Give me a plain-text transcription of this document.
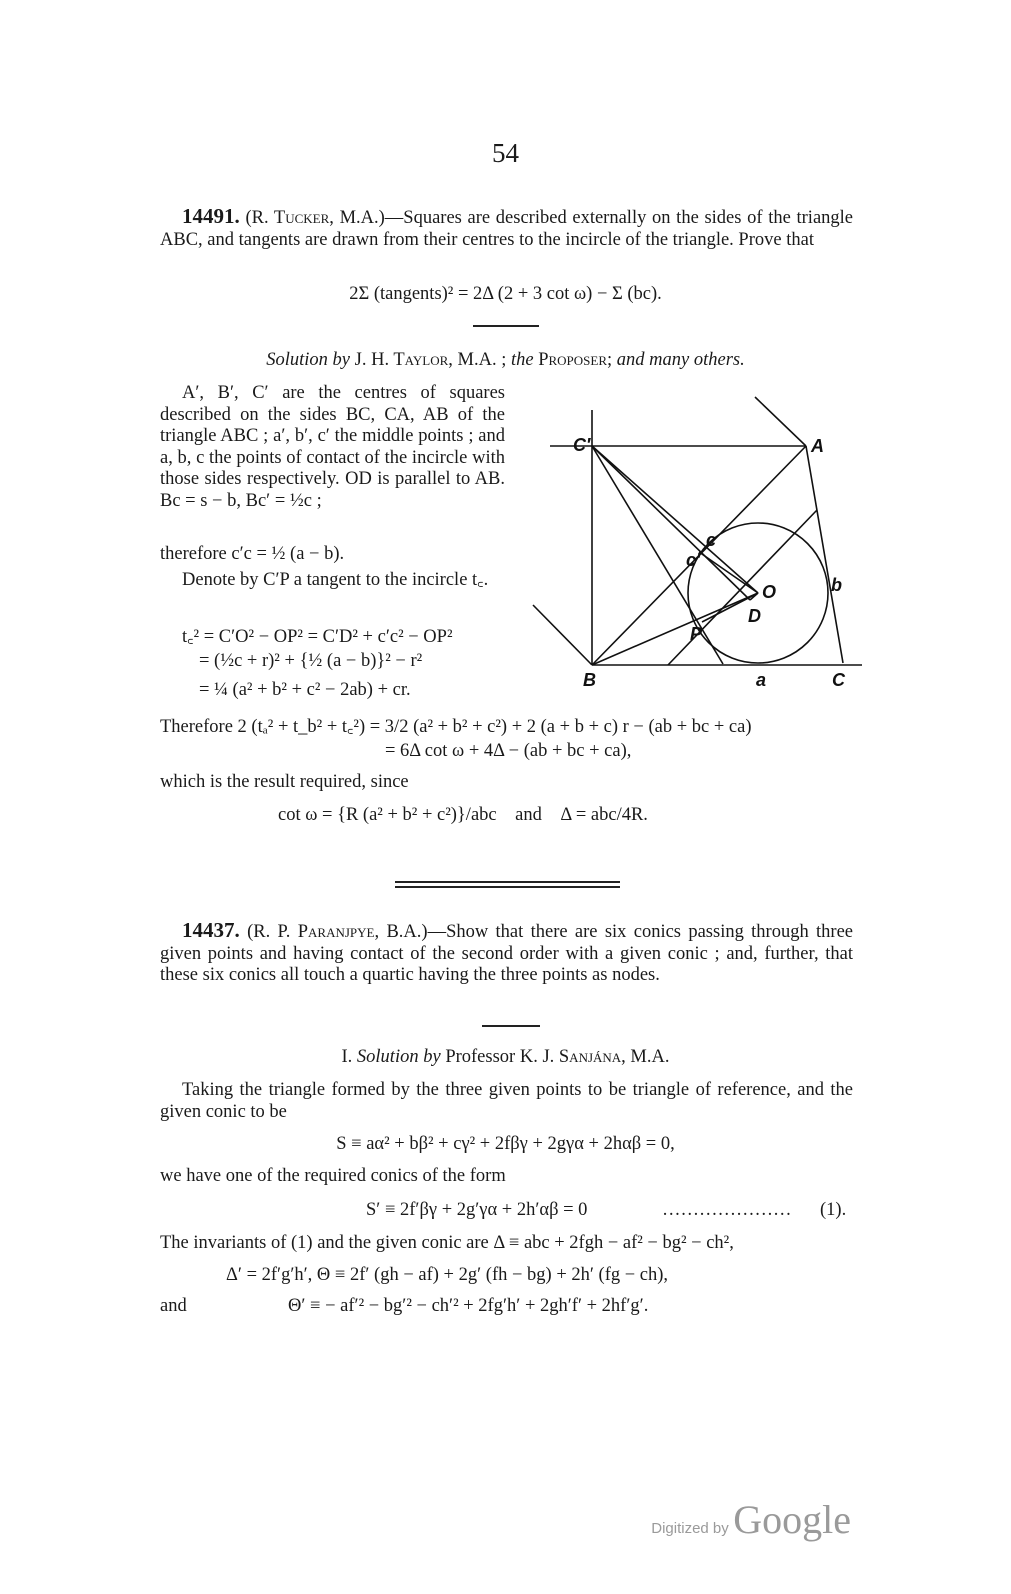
54
14491. (R. Tucker, M.A.)—Squares are described externally on the sides of the triangle ABC, and tangents are drawn from their centres to the incircle of the triangle. Prove that
2Σ (tangents)² = 2Δ (2 + 3 cot ω) − Σ (bc).
Solution by J. H. Taylor, M.A. ; the Proposer; and many others.
A′, B′, C′ are the centres of squares described on the sides BC, CA, AB of the triangle ABC ; a′, b′, c′ the middle points ; and a, b, c the points of contact of the incircle with those sides respectively. OD is parallel to AB. Bc = s − b, Bc′ = ½c ;
therefore c′c = ½ (a − b).
Denote by C′P a tangent to the incircle t꜀.
t꜀² = C′O² − OP² = C′D² + c′c² − OP²
= (½c + r)² + {½ (a − b)}² − r²
= ¼ (a² + b² + c² − 2ab) + cr.
Therefore 2 (tₐ² + t_b² + t꜀²) = 3/2 (a² + b² + c²) + 2 (a + b + c) r − (ab + bc + ca)
= 6Δ cot ω + 4Δ − (ab + bc + ca),
which is the result required, since
cot ω = {R (a² + b² + c²)}/abc and Δ = abc/4R.
C′	A
c
c′
O	b
D
P
B	a	C
14437. (R. P. Paranjpye, B.A.)—Show that there are six conics passing through three given points and having contact of the second order with a given conic ; and, further, that these six conics all touch a quartic having the three points as nodes.
I. Solution by Professor K. J. Sanjána, M.A.
Taking the triangle formed by the three given points to be triangle of reference, and the given conic to be
S ≡ aα² + bβ² + cγ² + 2fβγ + 2gγα + 2hαβ = 0,
we have one of the required conics of the form
S′ ≡ 2f′βγ + 2g′γα + 2h′αβ = 0	………………… (1).
The invariants of (1) and the given conic are Δ ≡ abc + 2fgh − af² − bg² − ch²,
Δ′ = 2f′g′h′, Θ ≡ 2f′ (gh − af) + 2g′ (fh − bg) + 2h′ (fg − ch),
and	Θ′ ≡ − af′² − bg′² − ch′² + 2fg′h′ + 2gh′f′ + 2hf′g′.
Digitized by Google
